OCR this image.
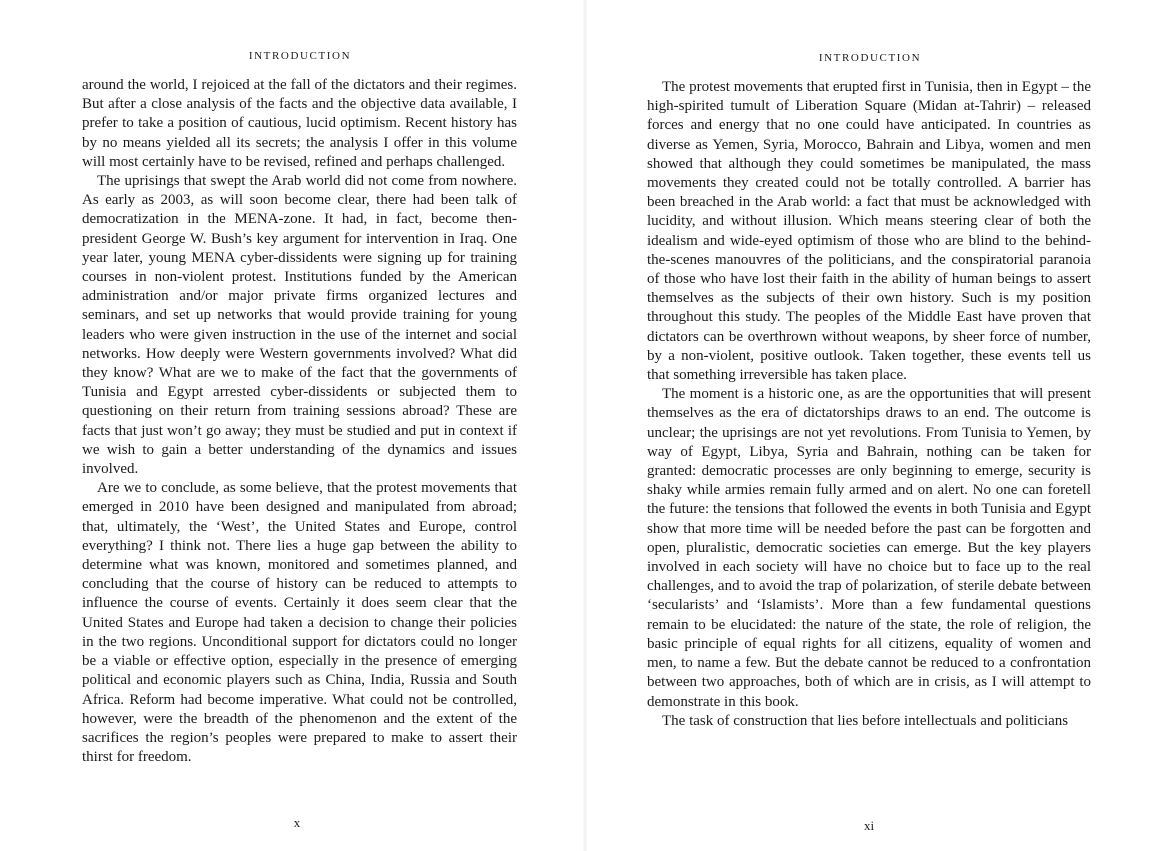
INTRODUCTION

around the world, I rejoiced at the fall of the dictators and their regimes. But after a close analysis of the facts and the objective data available, I prefer to take a position of cautious, lucid optimism. Recent history has by no means yielded all its secrets; the analysis I offer in this volume will most certainly have to be revised, refined and perhaps challenged.

The uprisings that swept the Arab world did not come from nowhere. As early as 2003, as will soon become clear, there had been talk of democratization in the MENA-zone. It had, in fact, become then-president George W. Bush’s key argument for intervention in Iraq. One year later, young MENA cyber-dissidents were signing up for training courses in non-violent protest. Institutions funded by the American administration and/or major private firms organized lectures and seminars, and set up networks that would provide training for young leaders who were given instruction in the use of the internet and social networks. How deeply were Western governments involved? What did they know? What are we to make of the fact that the governments of Tunisia and Egypt arrested cyber-dissidents or subjected them to questioning on their return from training sessions abroad? These are facts that just won’t go away; they must be studied and put in context if we wish to gain a better understanding of the dynamics and issues involved.

Are we to conclude, as some believe, that the protest movements that emerged in 2010 have been designed and manipulated from abroad; that, ultimately, the ‘West’, the United States and Europe, control everything? I think not. There lies a huge gap between the ability to determine what was known, monitored and sometimes planned, and concluding that the course of history can be reduced to attempts to influence the course of events. Certainly it does seem clear that the United States and Europe had taken a decision to change their policies in the two regions. Unconditional support for dictators could no longer be a viable or effective option, especially in the presence of emerging political and economic players such as China, India, Russia and South Africa. Reform had become imperative. What could not be controlled, however, were the breadth of the phenomenon and the extent of the sacrifices the region’s peoples were prepared to make to assert their thirst for freedom.

x
INTRODUCTION

The protest movements that erupted first in Tunisia, then in Egypt – the high-spirited tumult of Liberation Square (Midan at-Tahrir) – released forces and energy that no one could have anticipated. In countries as diverse as Yemen, Syria, Morocco, Bahrain and Libya, women and men showed that although they could sometimes be manipulated, the mass movements they created could not be totally controlled. A barrier has been breached in the Arab world: a fact that must be acknowledged with lucidity, and without illusion. Which means steering clear of both the idealism and wide-eyed optimism of those who are blind to the behind-the-scenes manouvres of the politicians, and the conspiratorial paranoia of those who have lost their faith in the ability of human beings to assert themselves as the subjects of their own history. Such is my position throughout this study. The peoples of the Middle East have proven that dictators can be overthrown without weapons, by sheer force of number, by a non-violent, positive outlook. Taken together, these events tell us that something irreversible has taken place.

The moment is a historic one, as are the opportunities that will present themselves as the era of dictatorships draws to an end. The outcome is unclear; the uprisings are not yet revolutions. From Tunisia to Yemen, by way of Egypt, Libya, Syria and Bahrain, nothing can be taken for granted: democratic processes are only beginning to emerge, security is shaky while armies remain fully armed and on alert. No one can foretell the future: the tensions that followed the events in both Tunisia and Egypt show that more time will be needed before the past can be forgotten and open, pluralistic, democratic societies can emerge. But the key players involved in each society will have no choice but to face up to the real challenges, and to avoid the trap of polarization, of sterile debate between ‘secularists’ and ‘Islamists’. More than a few fundamental questions remain to be elucidated: the nature of the state, the role of religion, the basic principle of equal rights for all citizens, equality of women and men, to name a few. But the debate cannot be reduced to a confrontation between two approaches, both of which are in crisis, as I will attempt to demonstrate in this book.

The task of construction that lies before intellectuals and politicians

xi
